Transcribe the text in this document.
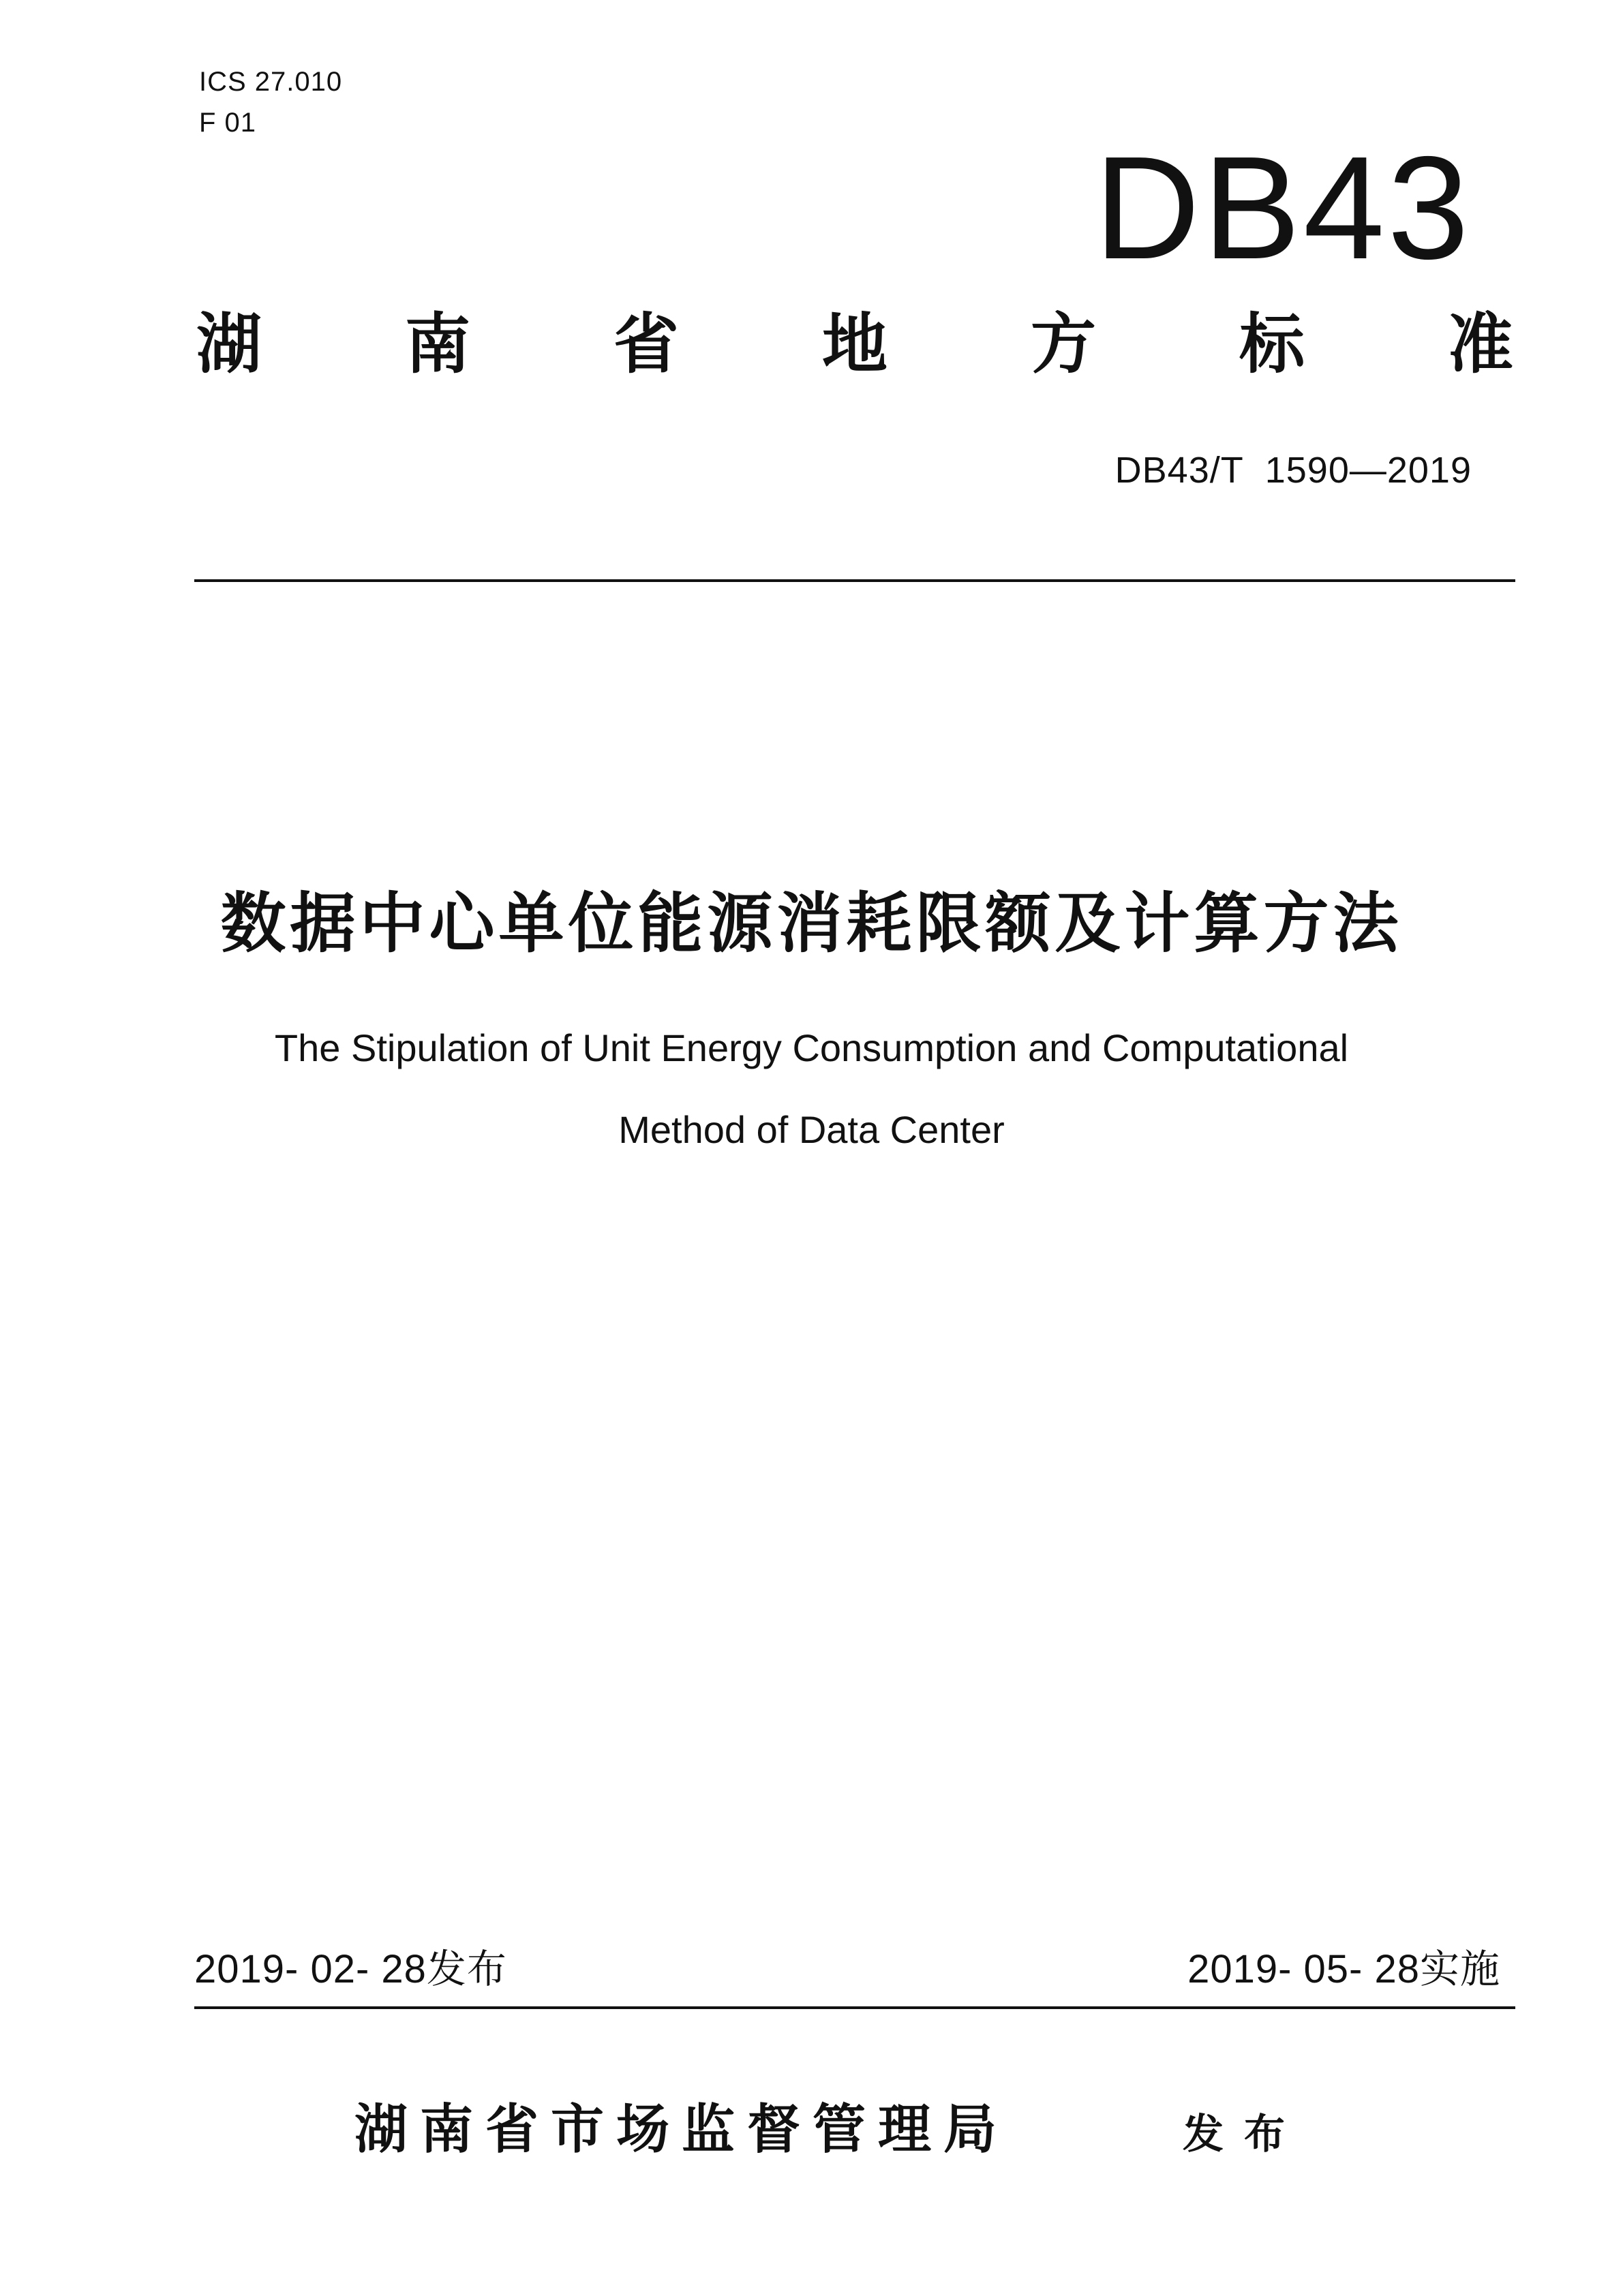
ICS 27.010
F 01
DB43
湖 南 省 地 方 标 准
DB43/T  1590—2019
数据中心单位能源消耗限额及计算方法
The Stipulation of Unit Energy Consumption and Computational
Method of Data Center
2019- 02- 28发布	2019- 05- 28实施
湖南省市场监督管理局	发布
